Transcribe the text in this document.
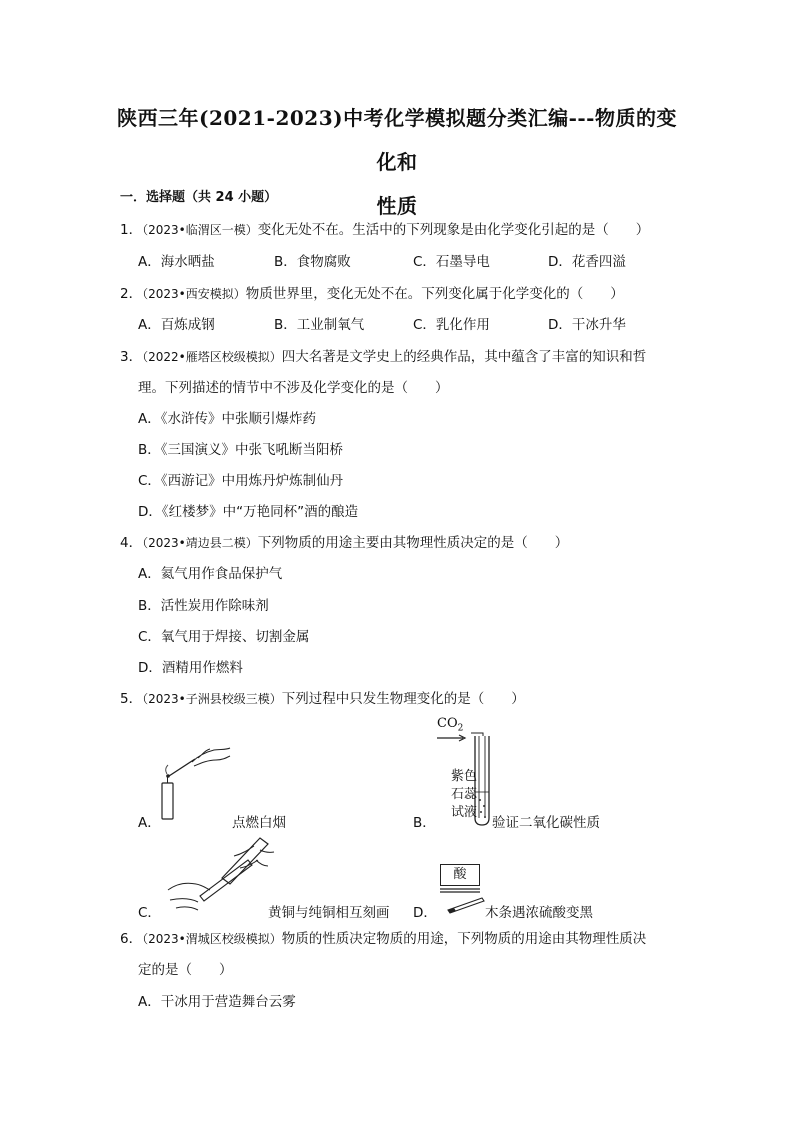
陕西三年(2021-2023)中考化学模拟题分类汇编---物质的变化和
性质
一．选择题（共 24 小题）
1．（2023•临渭区一模）变化无处不在。生活中的下列现象是由化学变化引起的是（　　）
A．海水晒盐	B．食物腐败	C．石墨导电	D．花香四溢
2．（2023•西安模拟）物质世界里，变化无处不在。下列变化属于化学变化的（　　）
A．百炼成钢	B．工业制氧气	C．乳化作用	D．干冰升华
3．（2022•雁塔区校级模拟）四大名著是文学史上的经典作品，其中蕴含了丰富的知识和哲
理。下列描述的情节中不涉及化学变化的是（　　）
A．《水浒传》中张顺引爆炸药
B．《三国演义》中张飞吼断当阳桥
C．《西游记》中用炼丹炉炼制仙丹
D．《红楼梦》中“万艳同杯”酒的酿造
4．（2023•靖边县二模）下列物质的用途主要由其物理性质决定的是（　　）
A．氦气用作食品保护气
B．活性炭用作除味剂
C．氧气用于焊接、切割金属
D．酒精用作燃料
5．（2023•子洲县校级三模）下列过程中只发生物理变化的是（　　）
A．	点燃白烟
$CO_2$
紫色
石蕊
试液
B．	验证二氧化碳性质
C．	黄铜与纯铜相互刻画
酸
D．	木条遇浓硫酸变黑
6．（2023•渭城区校级模拟）物质的性质决定物质的用途，下列物质的用途由其物理性质决
定的是（　　）
A．干冰用于营造舞台云雾
